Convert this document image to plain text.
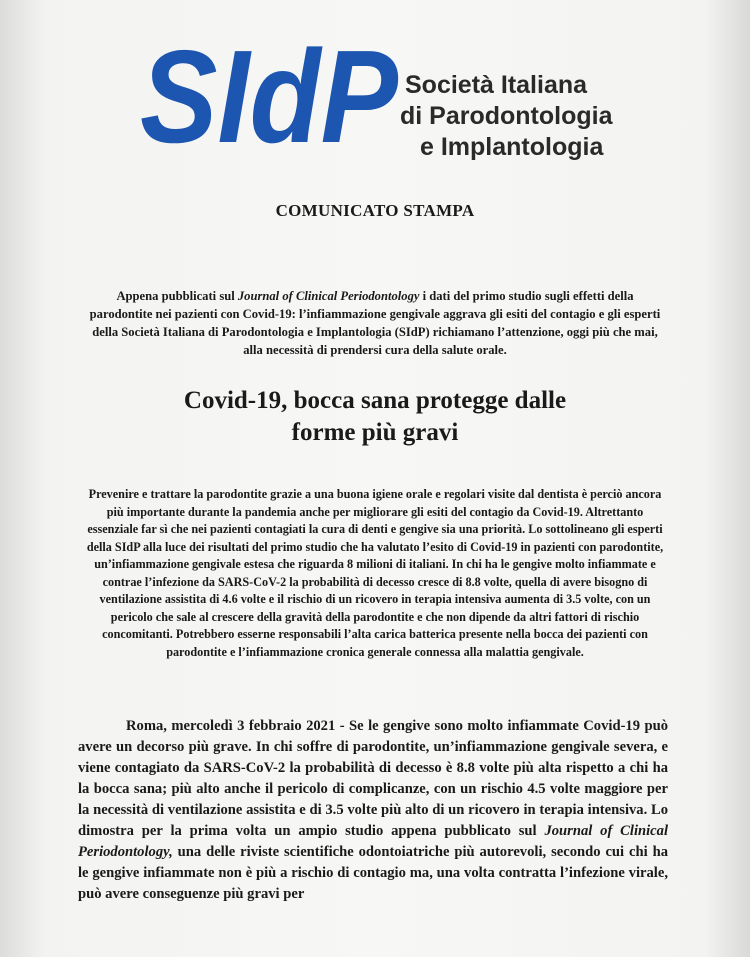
SIdP Società Italiana
di Parodontologia
e Implantologia
COMUNICATO STAMPA
Appena pubblicati sul Journal of Clinical Periodontology i dati del primo studio sugli effetti della parodontite nei pazienti con Covid-19: l’infiammazione gengivale aggrava gli esiti del contagio e gli esperti della Società Italiana di Parodontologia e Implantologia (SIdP) richiamano l’attenzione, oggi più che mai, alla necessità di prendersi cura della salute orale.
Covid-19, bocca sana protegge dalle
forme più gravi
Prevenire e trattare la parodontite grazie a una buona igiene orale e regolari visite dal dentista è perciò ancora più importante durante la pandemia anche per migliorare gli esiti del contagio da Covid-19. Altrettanto essenziale far sì che nei pazienti contagiati la cura di denti e gengive sia una priorità. Lo sottolineano gli esperti della SIdP alla luce dei risultati del primo studio che ha valutato l’esito di Covid-19 in pazienti con parodontite, un’infiammazione gengivale estesa che riguarda 8 milioni di italiani. In chi ha le gengive molto infiammate e contrae l’infezione da SARS-CoV-2 la probabilità di decesso cresce di 8.8 volte, quella di avere bisogno di ventilazione assistita di 4.6 volte e il rischio di un ricovero in terapia intensiva aumenta di 3.5 volte, con un pericolo che sale al crescere della gravità della parodontite e che non dipende da altri fattori di rischio concomitanti. Potrebbero esserne responsabili l’alta carica batterica presente nella bocca dei pazienti con parodontite e l’infiammazione cronica generale connessa alla malattia gengivale.
Roma, mercoledì 3 febbraio 2021 - Se le gengive sono molto infiammate Covid-19 può avere un decorso più grave. In chi soffre di parodontite, un’infiammazione gengivale severa, e viene contagiato da SARS-CoV-2 la probabilità di decesso è 8.8 volte più alta rispetto a chi ha la bocca sana; più alto anche il pericolo di complicanze, con un rischio 4.5 volte maggiore per la necessità di ventilazione assistita e di 3.5 volte più alto di un ricovero in terapia intensiva. Lo dimostra per la prima volta un ampio studio appena pubblicato sul Journal of Clinical Periodontology, una delle riviste scientifiche odontoiatriche più autorevoli, secondo cui chi ha le gengive infiammate non è più a rischio di contagio ma, una volta contratta l’infezione virale, può avere conseguenze più gravi per
